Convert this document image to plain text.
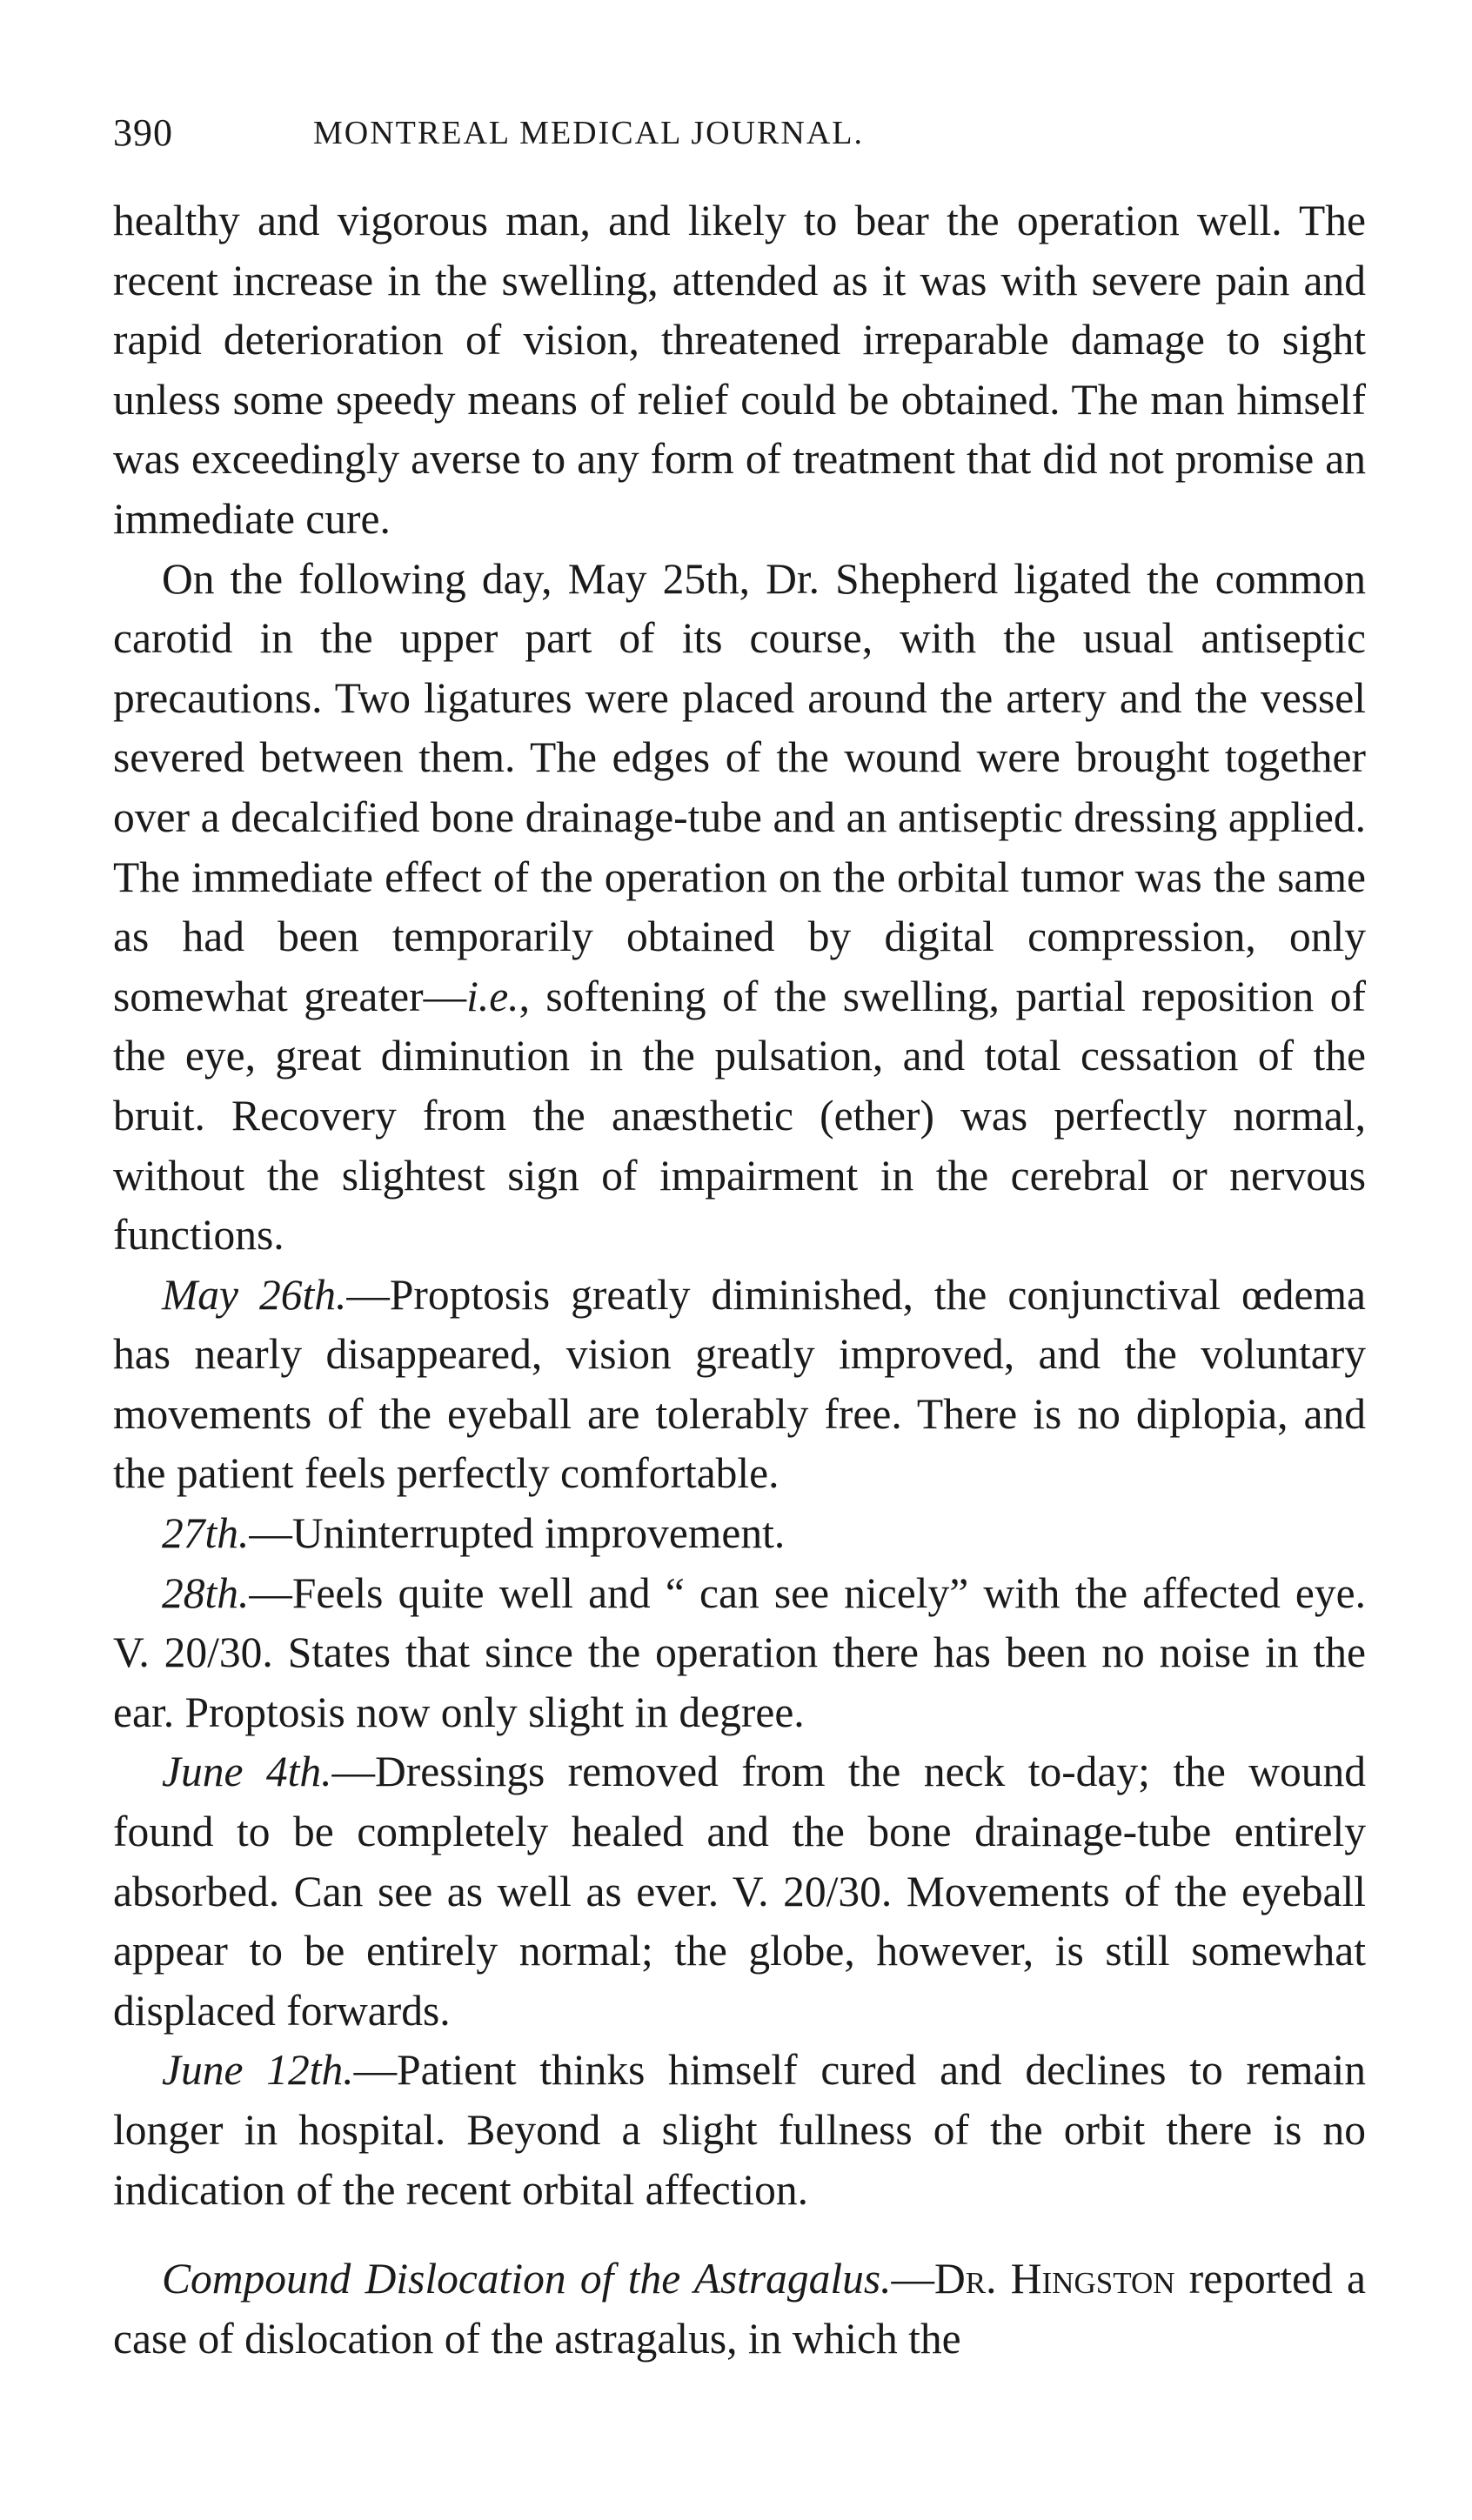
390	MONTREAL MEDICAL JOURNAL.

healthy and vigorous man, and likely to bear the operation well. The recent increase in the swelling, attended as it was with severe pain and rapid deterioration of vision, threatened irreparable damage to sight unless some speedy means of relief could be obtained. The man himself was exceedingly averse to any form of treatment that did not promise an immediate cure.

On the following day, May 25th, Dr. Shepherd ligated the common carotid in the upper part of its course, with the usual antiseptic precautions. Two ligatures were placed around the artery and the vessel severed between them. The edges of the wound were brought together over a decalcified bone drainage-tube and an antiseptic dressing applied. The immediate effect of the operation on the orbital tumor was the same as had been temporarily obtained by digital compression, only somewhat greater—i.e., softening of the swelling, partial reposition of the eye, great diminution in the pulsation, and total cessation of the bruit. Recovery from the anæsthetic (ether) was perfectly normal, without the slightest sign of impairment in the cerebral or nervous functions.

May 26th.—Proptosis greatly diminished, the conjunctival œdema has nearly disappeared, vision greatly improved, and the voluntary movements of the eyeball are tolerably free. There is no diplopia, and the patient feels perfectly comfortable.

27th.—Uninterrupted improvement.

28th.—Feels quite well and “ can see nicely” with the affected eye. V. 20/30. States that since the operation there has been no noise in the ear. Proptosis now only slight in degree.

June 4th.—Dressings removed from the neck to-day; the wound found to be completely healed and the bone drainage-tube entirely absorbed. Can see as well as ever. V. 20/30. Movements of the eyeball appear to be entirely normal; the globe, however, is still somewhat displaced forwards.

June 12th.—Patient thinks himself cured and declines to remain longer in hospital. Beyond a slight fullness of the orbit there is no indication of the recent orbital affection.

Compound Dislocation of the Astragalus.—Dr. Hingston reported a case of dislocation of the astragalus, in which the
